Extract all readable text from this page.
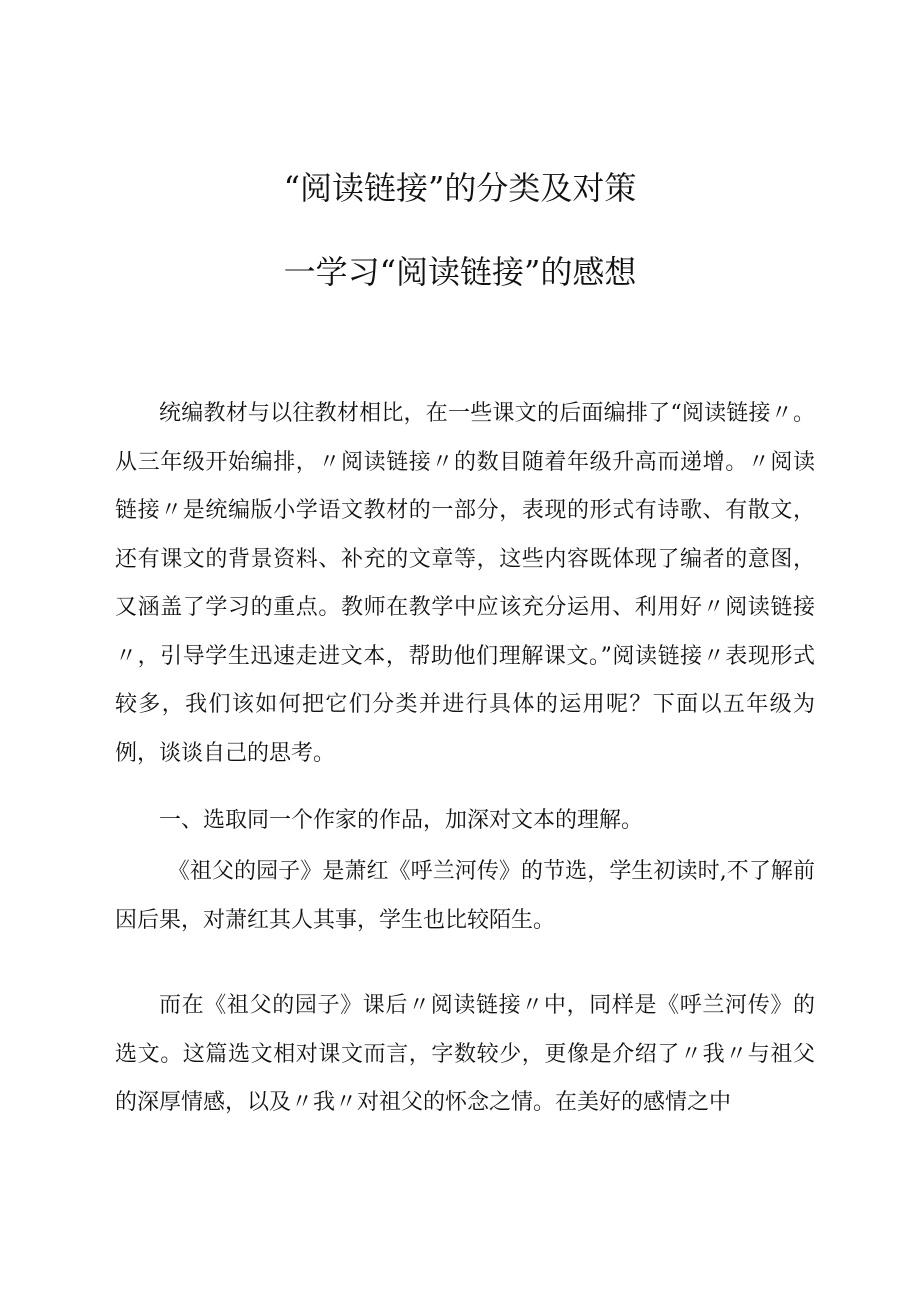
“阅读链接”的分类及对策
一学习“阅读链接”的感想

统编教材与以往教材相比，在一些课文的后面编排了“阅读链接〃。从三年级开始编排，〃阅读链接〃的数目随着年级升高而递增。〃阅读链接〃是统编版小学语文教材的一部分，表现的形式有诗歌、有散文，还有课文的背景资料、补充的文章等，这些内容既体现了编者的意图，又涵盖了学习的重点。教师在教学中应该充分运用、利用好〃阅读链接〃，引导学生迅速走进文本，帮助他们理解课文。”阅读链接〃表现形式较多，我们该如何把它们分类并进行具体的运用呢？下面以五年级为例，谈谈自己的思考。

一、选取同一个作家的作品，加深对文本的理解。

《祖父的园子》是萧红《呼兰河传》的节选，学生初读时,不了解前因后果，对萧红其人其事，学生也比较陌生。

而在《祖父的园子》课后〃阅读链接〃中，同样是《呼兰河传》的选文。这篇选文相对课文而言，字数较少，更像是介绍了〃我〃与祖父的深厚情感，以及〃我〃对祖父的怀念之情。在美好的感情之中
